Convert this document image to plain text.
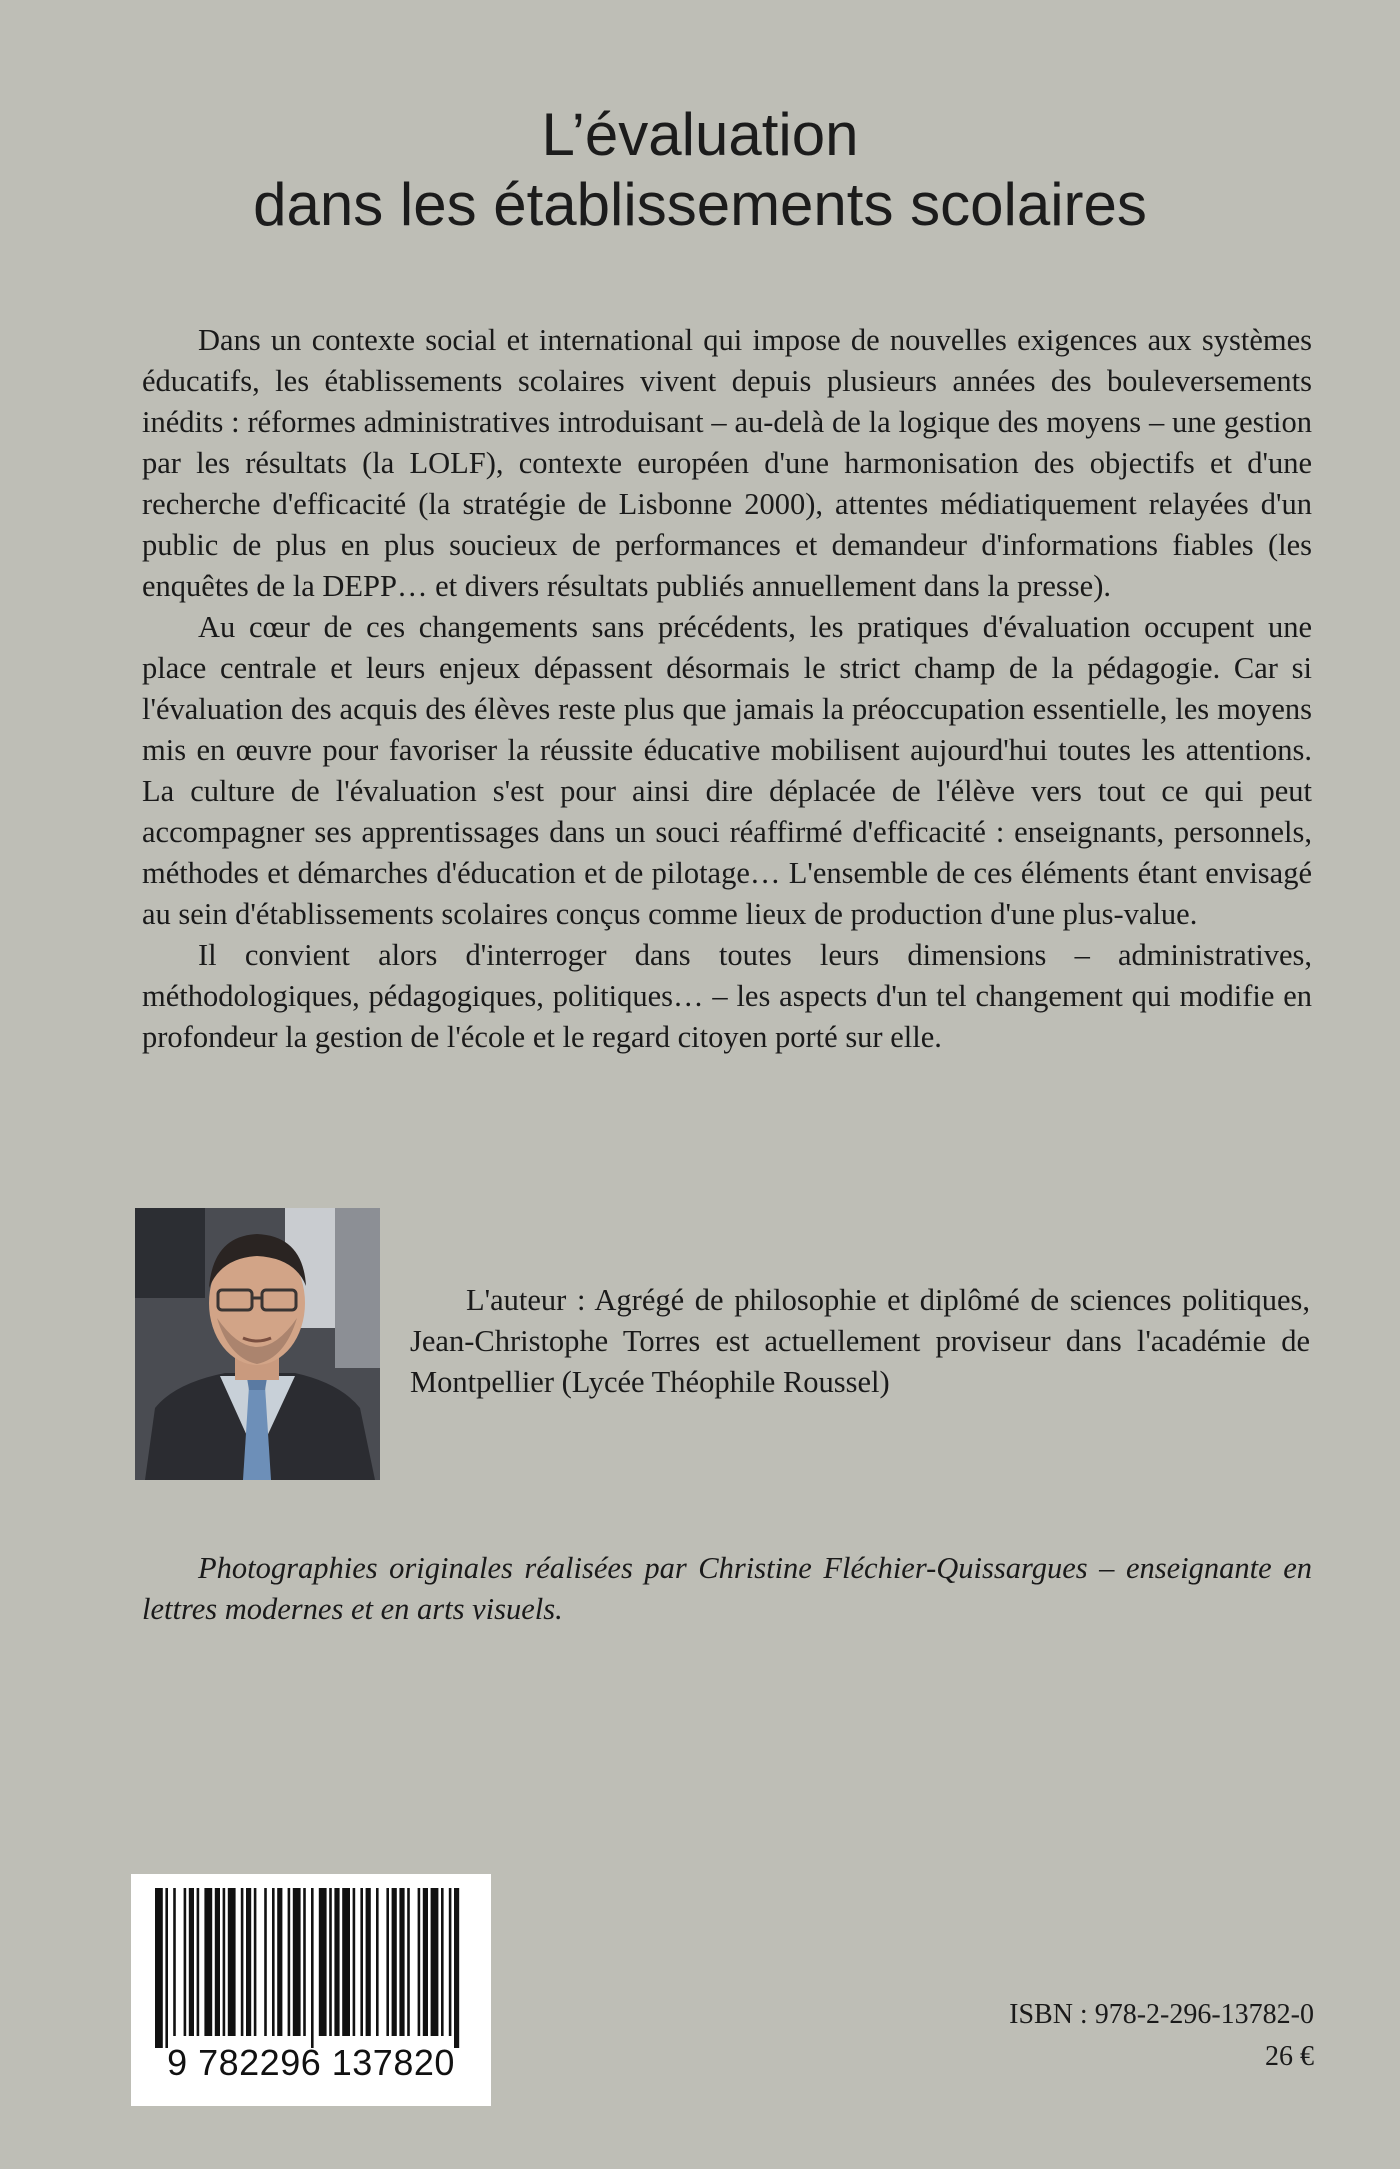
L’évaluation
dans les établissements scolaires

Dans un contexte social et international qui impose de nouvelles exigences aux systèmes éducatifs, les établissements scolaires vivent depuis plusieurs années des bouleversements inédits : réformes administratives introduisant – au-delà de la logique des moyens – une gestion par les résultats (la LOLF), contexte européen d'une harmonisation des objectifs et d'une recherche d'efficacité (la stratégie de Lisbonne 2000), attentes médiatiquement relayées d'un public de plus en plus soucieux de performances et demandeur d'informations fiables (les enquêtes de la DEPP… et divers résultats publiés annuellement dans la presse).

Au cœur de ces changements sans précédents, les pratiques d'évaluation occupent une place centrale et leurs enjeux dépassent désormais le strict champ de la pédagogie. Car si l'évaluation des acquis des élèves reste plus que jamais la préoccupation essentielle, les moyens mis en œuvre pour favoriser la réussite éducative mobilisent aujourd'hui toutes les attentions. La culture de l'évaluation s'est pour ainsi dire déplacée de l'élève vers tout ce qui peut accompagner ses apprentissages dans un souci réaffirmé d'efficacité : enseignants, personnels, méthodes et démarches d'éducation et de pilotage… L'ensemble de ces éléments étant envisagé au sein d'établissements scolaires conçus comme lieux de production d'une plus-value.

Il convient alors d'interroger dans toutes leurs dimensions – administratives, méthodologiques, pédagogiques, politiques… – les aspects d'un tel changement qui modifie en profondeur la gestion de l'école et le regard citoyen porté sur elle.

L'auteur : Agrégé de philosophie et diplômé de sciences politiques, Jean-Christophe Torres est actuellement proviseur dans l'académie de Montpellier (Lycée Théophile Roussel)

Photographies originales réalisées par Christine Fléchier-Quissargues – enseignante en lettres modernes et en arts visuels.

9 782296 137820
ISBN : 978-2-296-13782-0
26 €
